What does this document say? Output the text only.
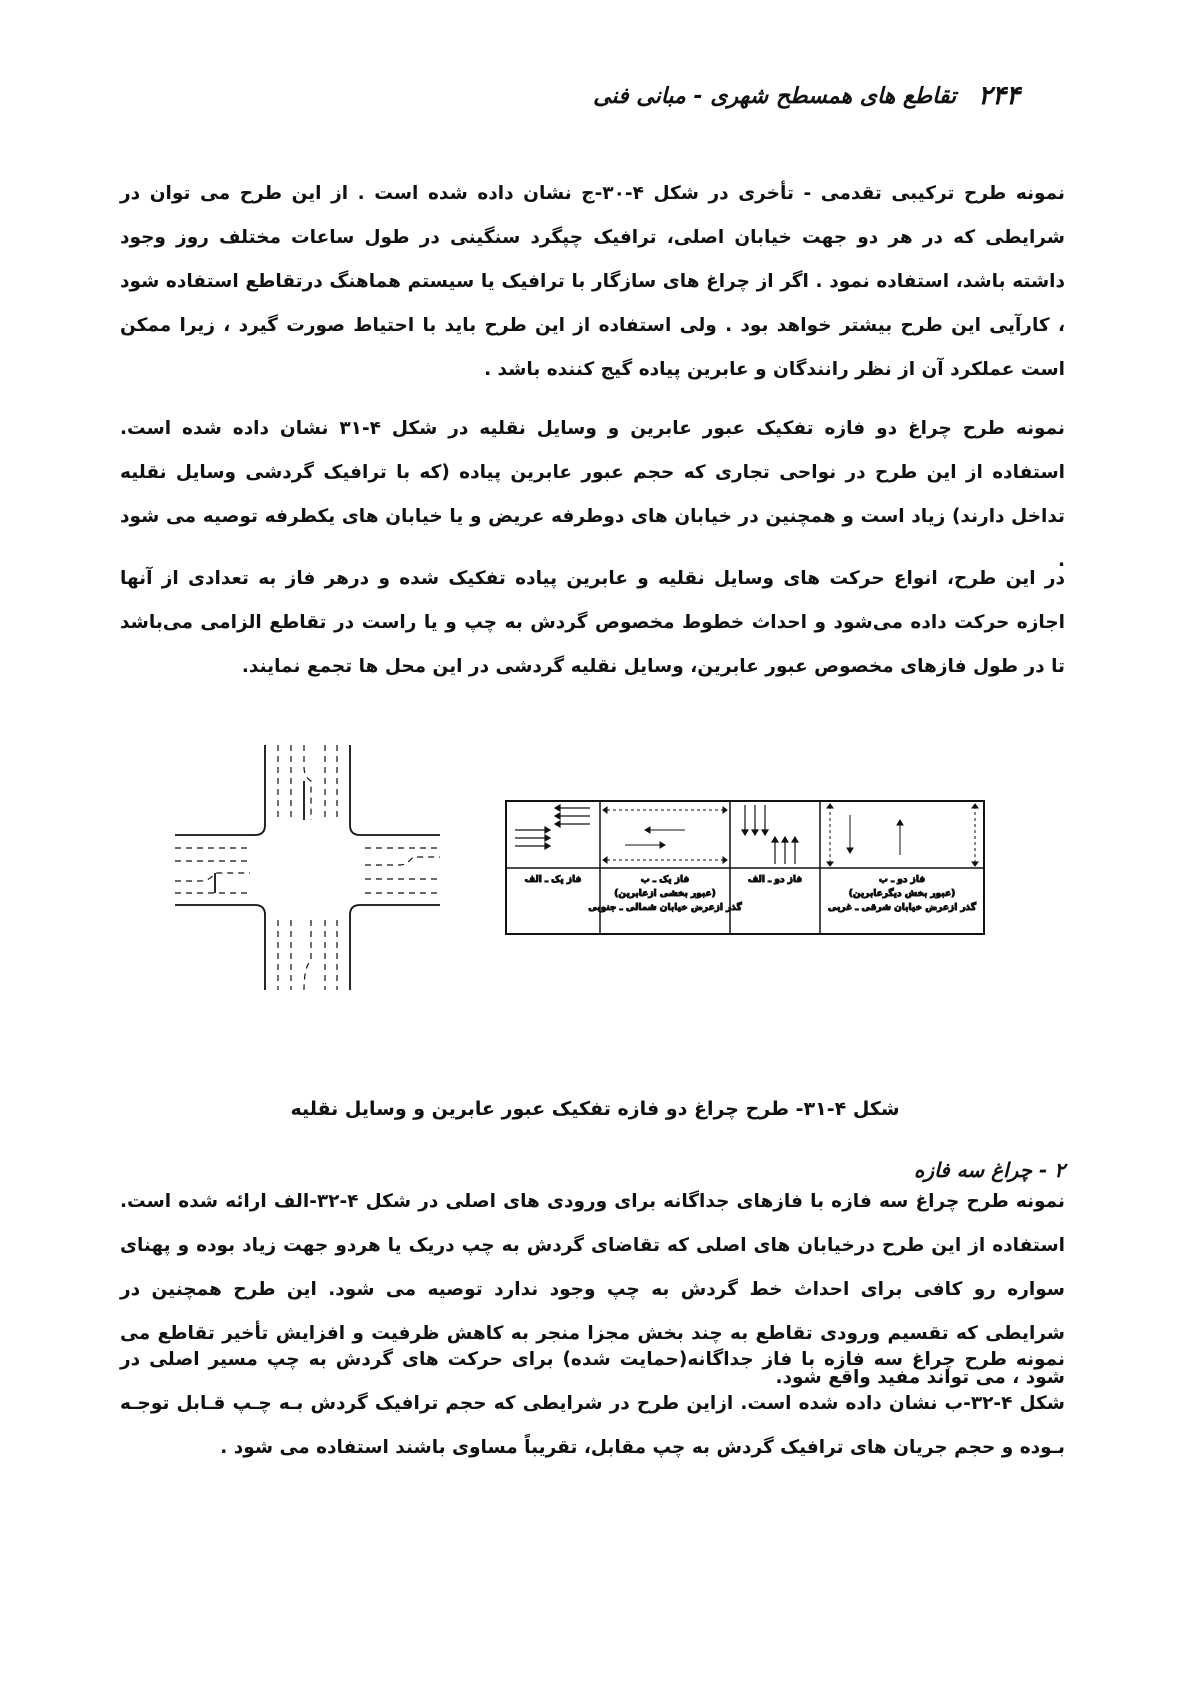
۲۴۴
تقاطع های همسطح شهری - مبانی فنی

نمونه طرح ترکیبی تقدمی - تأخری در شکل ۴-۳۰-ج نشان داده شده است . از این طرح می توان در شرایطی که در هر دو جهت خیابان اصلی، ترافیک چپگرد سنگینی در طول ساعات مختلف روز وجود داشته باشد، استفاده نمود . اگر از چراغ های سازگار با ترافیک یا سیستم هماهنگ درتقاطع استفاده شود ، کارآیی این طرح بیشتر خواهد بود . ولی استفاده از این طرح باید با احتیاط صورت گیرد ، زیرا ممکن است عملکرد آن از نظر رانندگان و عابرین پیاده گیج کننده باشد .

نمونه طرح چراغ دو فازه تفکیک عبور عابرین و وسایل نقلیه در شکل ۴-۳۱ نشان داده شده است. استفاده از این طرح در نواحی تجاری که حجم عبور عابرین پیاده (که با ترافیک گردشی وسایل نقلیه تداخل دارند) زیاد است و همچنین در خیابان های دوطرفه عریض و یا خیابان های یکطرفه توصیه می شود .

در این طرح، انواع حرکت های وسایل نقلیه و عابرین پیاده تفکیک شده و درهر فاز به تعدادی از آنها اجازه حرکت داده می‌شود و احداث خطوط مخصوص گردش به چپ و یا راست در تقاطع الزامی می‌باشد تا در طول فازهای مخصوص عبور عابرین، وسایل نقلیه گردشی در این محل ها تجمع نمایند.

فاز یک ـ الف	فاز یک ـ ب
(عبور بخشی ازعابرین)
گذر ازعرض خیابان شمالی ـ جنوبی
فاز دو ـ الف	فاز دو ـ ب
(عبور بخش دیگرعابرین)
گذر ازعرض خیابان شرقی ـ غربی
شکل ۴-۳۱- طرح چراغ دو فازه تفکیک عبور عابرین و وسایل نقلیه
۲ - چراغ سه فازه

نمونه طرح چراغ سه فازه با فازهای جداگانه برای ورودی های اصلی در شکل ۴-۳۲-الف ارائه شده است. استفاده از این طرح درخیابان های اصلی که تقاضای گردش به چپ دریک یا هردو جهت زیاد بوده و پهنای سواره رو کافی برای احداث خط گردش به چپ وجود ندارد توصیه می شود. این طرح همچنین در شرایطی که تقسیم ورودی تقاطع به چند بخش مجزا منجر به کاهش ظرفیت و افزایش تأخیر تقاطع می شود ، می تواند مفید واقع شود.

نمونه طرح چراغ سه فازه با فاز جداگانه(حمایت شده) برای حرکت های گردش به چپ مسیر اصلی در شکل ۴-۳۲-ب نشان داده شده است. ازاین طرح در شرایطی که حجم ترافیک گردش بـه چـپ قـابل توجـه بـوده و حجم جریان های ترافیک گردش به چپ مقابل، تقریباً مساوی باشند استفاده می شود .
